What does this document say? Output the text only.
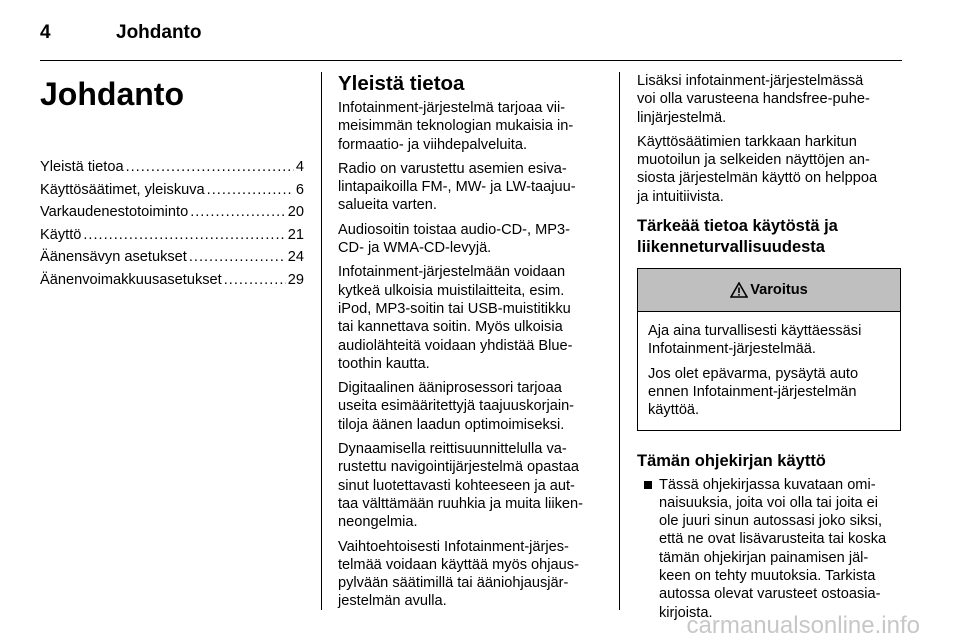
4	Johdanto
Johdanto
Yleistä tietoa .....	4
Käyttösäätimet, yleiskuva .....	6
Varkaudenestotoiminto .....	20
Käyttö .....	21
Äänensävyn asetukset .....	24
Äänenvoimakkuusasetukset .....	29
Yleistä tietoa

Infotainment-järjestelmä tarjoaa vii-
meisimmän teknologian mukaisia in-
formaatio- ja viihdepalveluita.

Radio on varustettu asemien esiva-
lintapaikoilla FM-, MW- ja LW-taajuu-
salueita varten.

Audiosoitin toistaa audio-CD-, MP3-
CD- ja WMA-CD-levyjä.

Infotainment-järjestelmään voidaan
kytkeä ulkoisia muistilaitteita, esim.
iPod, MP3-soitin tai USB-muistitikku
tai kannettava soitin. Myös ulkoisia
audiolähteitä voidaan yhdistää Blue-
toothin kautta.

Digitaalinen ääniprosessori tarjoaa
useita esimääritettyjä taajuuskorjain-
tiloja äänen laadun optimoimiseksi.

Dynaamisella reittisuunnittelulla va-
rustettu navigointijärjestelmä opastaa
sinut luotettavasti kohteeseen ja aut-
taa välttämään ruuhkia ja muita liiken-
neongelmia.

Vaihtoehtoisesti Infotainment-järjes-
telmää voidaan käyttää myös ohjaus-
pylvään säätimillä tai ääniohjausjär-
jestelmän avulla.

Lisäksi infotainment-järjestelmässä
voi olla varusteena handsfree-puhe-
linjärjestelmä.

Käyttösäätimien tarkkaan harkitun
muotoilun ja selkeiden näyttöjen an-
siosta järjestelmän käyttö on helppoa
ja intuitiivista.

Tärkeää tietoa käytöstä ja
liikenneturvallisuudesta
Varoitus

Aja aina turvallisesti käyttäessäsi
Infotainment-järjestelmää.

Jos olet epävarma, pysäytä auto
ennen Infotainment-järjestelmän
käyttöä.

Tämän ohjekirjan käyttö
Tässä ohjekirjassa kuvataan omi-
naisuuksia, joita voi olla tai joita ei
ole juuri sinun autossasi joko siksi,
että ne ovat lisävarusteita tai koska
tämän ohjekirjan painamisen jäl-
keen on tehty muutoksia. Tarkista
autossa olevat varusteet ostoasia-
kirjoista.
carmanualsonline.info
